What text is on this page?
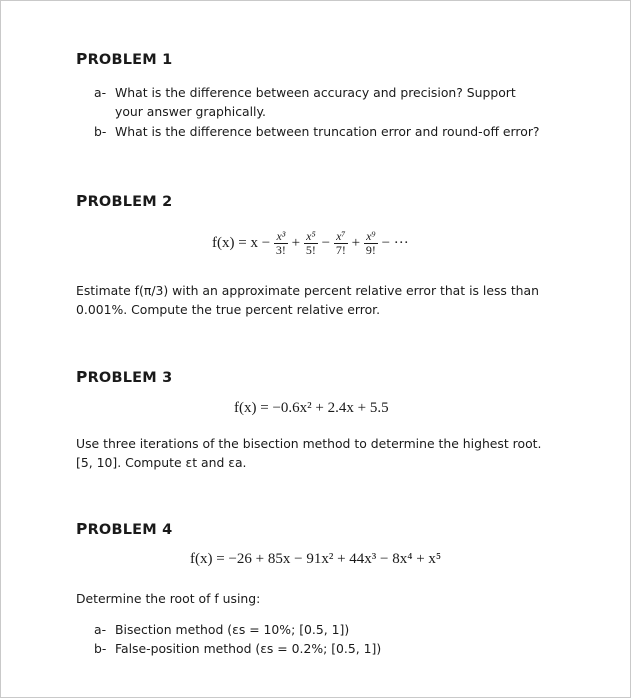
PROBLEM 1
a- What is the difference between accuracy and precision? Support your answer graphically.
b- What is the difference between truncation error and round-off error?
PROBLEM 2
$f(x) = x - \frac{\text{x³}}{3!} + \frac{\text{x⁵}}{5!} - \frac{\text{x⁷}}{7!} + \frac{\text{x⁹}}{9!}$ − ···
Estimate f(π/3) with an approximate percent relative error that is less than 0.001%. Compute the true percent relative error.
PROBLEM 3
f(x) = −0.6x² + 2.4x + 5.5
Use three iterations of the bisection method to determine the highest root. [5, 10]. Compute εt and εa.
PROBLEM 4
f(x) = −26 + 85x − 91x² + 44x³ − 8x⁴ + x⁵
Determine the root of f using:
a- Bisection method (εs = 10%; [0.5, 1])
b- False-position method (εs = 0.2%; [0.5, 1])
